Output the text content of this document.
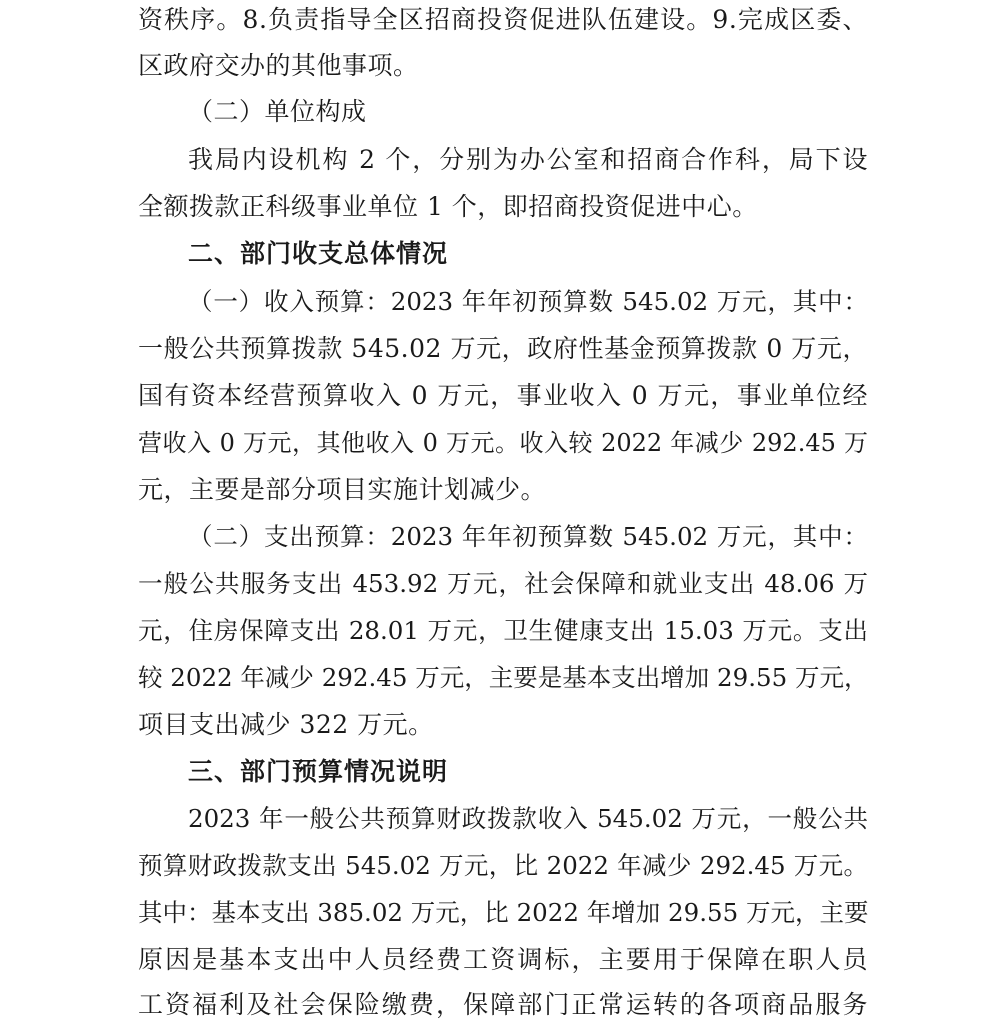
资秩序。8.负责指导全区招商投资促进队伍建设。9.完成区委、

区政府交办的其他事项。

（二）单位构成

我局内设机构 2 个，分别为办公室和招商合作科，局下设

全额拨款正科级事业单位 1 个，即招商投资促进中心。

二、部门收支总体情况

（一）收入预算：2023 年年初预算数 545.02 万元，其中：

一般公共预算拨款 545.02 万元，政府性基金预算拨款 0 万元，

国有资本经营预算收入 0 万元，事业收入 0 万元，事业单位经

营收入 0 万元，其他收入 0 万元。收入较 2022 年减少 292.45 万

元，主要是部分项目实施计划减少。

（二）支出预算：2023 年年初预算数 545.02 万元，其中：

一般公共服务支出 453.92 万元，社会保障和就业支出 48.06 万

元，住房保障支出 28.01 万元，卫生健康支出 15.03 万元。支出

较 2022 年减少 292.45 万元，主要是基本支出增加 29.55 万元，

项目支出减少 322 万元。

三、部门预算情况说明

2023 年一般公共预算财政拨款收入 545.02 万元，一般公共

预算财政拨款支出 545.02 万元，比 2022 年减少 292.45 万元。

其中：基本支出 385.02 万元，比 2022 年增加 29.55 万元，主要

原因是基本支出中人员经费工资调标，主要用于保障在职人员

工资福利及社会保险缴费，保障部门正常运转的各项商品服务
